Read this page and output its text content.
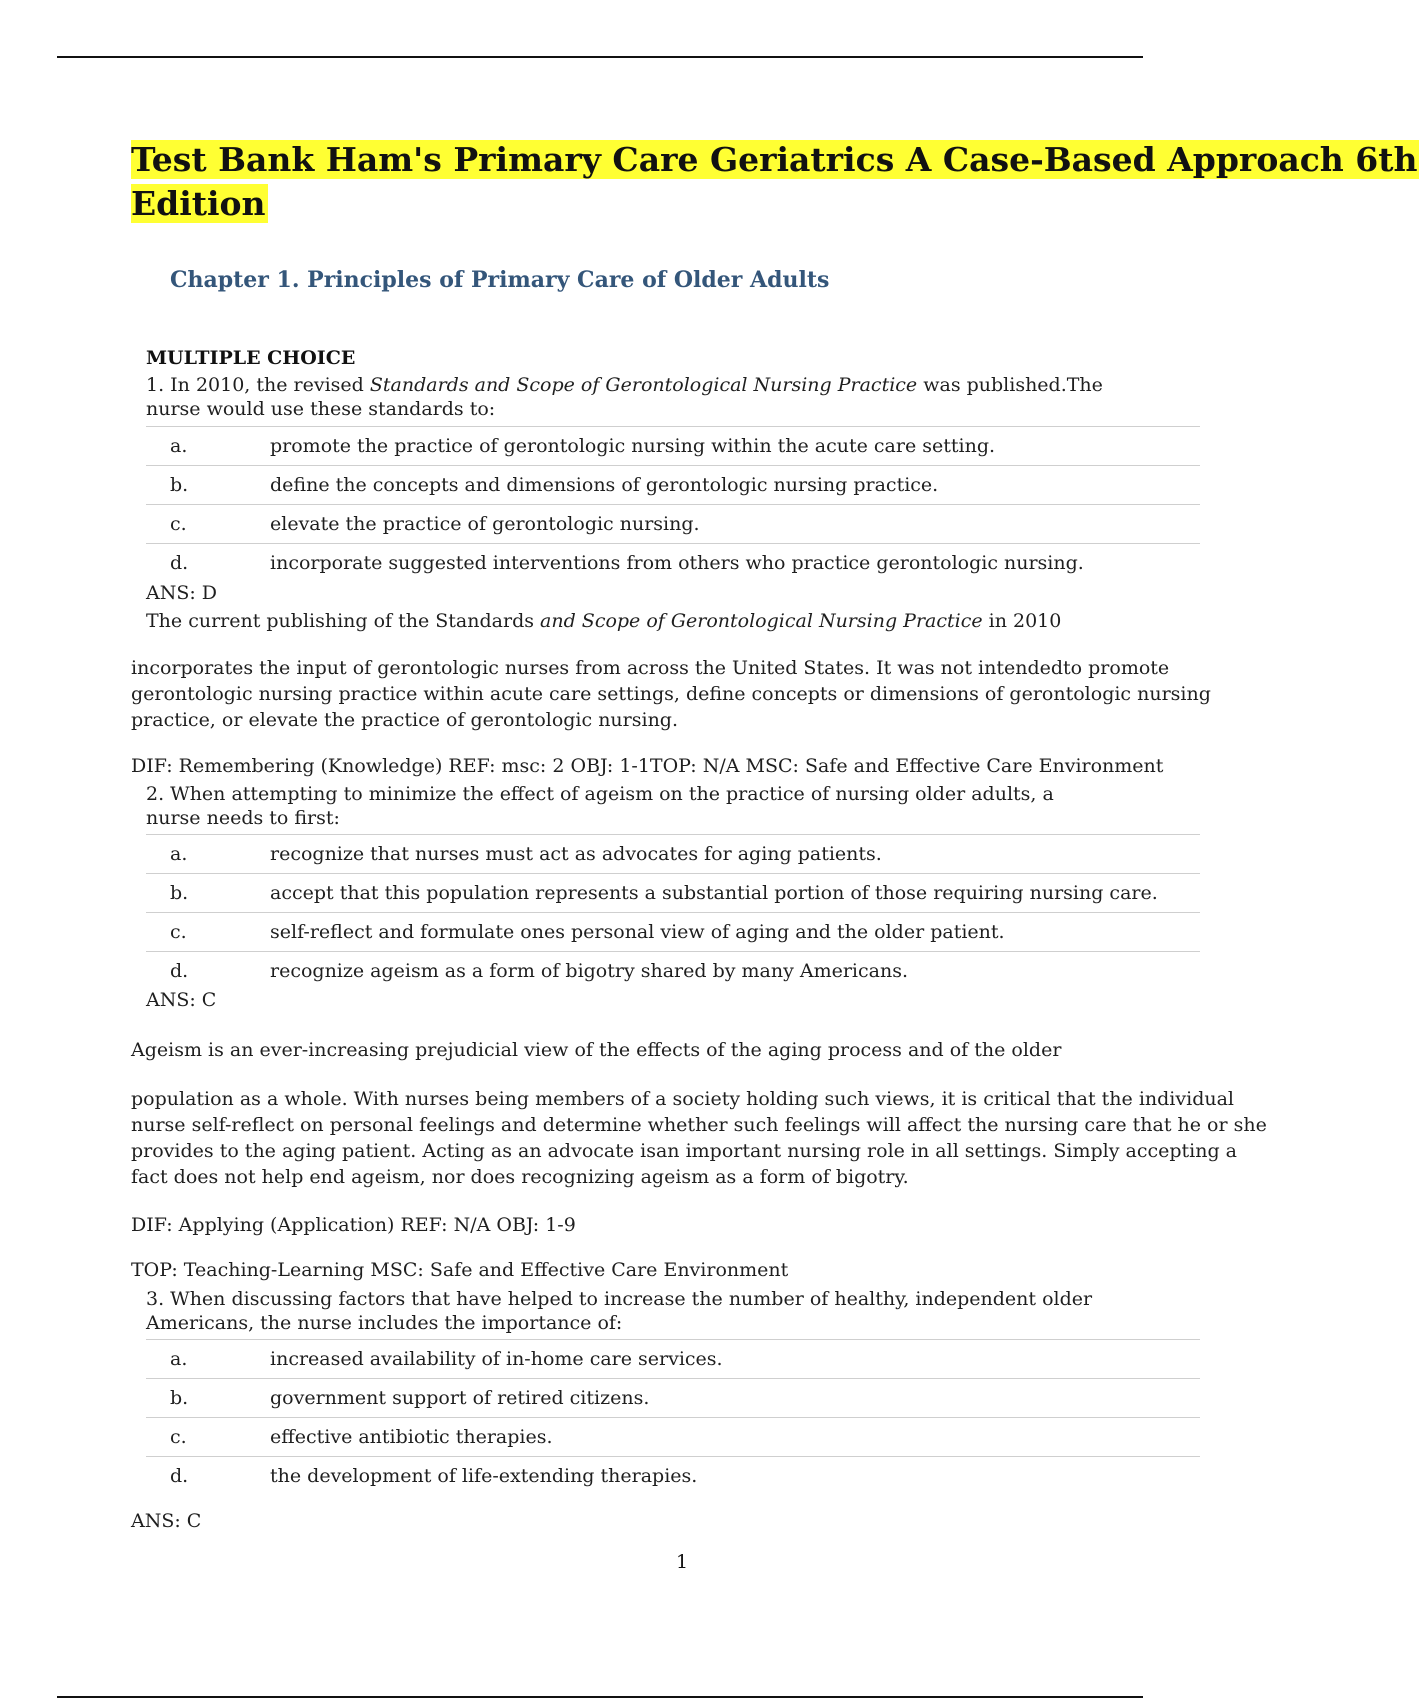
Test Bank Ham's Primary Care Geriatrics A Case-Based Approach 6th
Edition
Chapter 1. Principles of Primary Care of Older Adults
MULTIPLE CHOICE

1. In 2010, the revised Standards and Scope of Gerontological Nursing Practice was published.The
nurse would use these standards to:

a.	promote the practice of gerontologic nursing within the acute care setting.
b.	define the concepts and dimensions of gerontologic nursing practice.
c.	elevate the practice of gerontologic nursing.
d.	incorporate suggested interventions from others who practice gerontologic nursing.
ANS: D
The current publishing of the Standards and Scope of Gerontological Nursing Practice in 2010

incorporates the input of gerontologic nurses from across the United States. It was not intendedto promote
gerontologic nursing practice within acute care settings, define concepts or dimensions of gerontologic nursing
practice, or elevate the practice of gerontologic nursing.

DIF: Remembering (Knowledge) REF: msc: 2 OBJ: 1-1TOP: N/A MSC: Safe and Effective Care Environment

2. When attempting to minimize the effect of ageism on the practice of nursing older adults, a
nurse needs to first:

a.	recognize that nurses must act as advocates for aging patients.
b.	accept that this population represents a substantial portion of those requiring nursing care.
c.	self-reflect and formulate ones personal view of aging and the older patient.
d.	recognize ageism as a form of bigotry shared by many Americans.
ANS: C
Ageism is an ever-increasing prejudicial view of the effects of the aging process and of the older

population as a whole. With nurses being members of a society holding such views, it is critical that the individual
nurse self-reflect on personal feelings and determine whether such feelings will affect the nursing care that he or she
provides to the aging patient. Acting as an advocate isan important nursing role in all settings. Simply accepting a
fact does not help end ageism, nor does recognizing ageism as a form of bigotry.

DIF: Applying (Application) REF: N/A OBJ: 1-9
TOP: Teaching-Learning MSC: Safe and Effective Care Environment

3. When discussing factors that have helped to increase the number of healthy, independent older
Americans, the nurse includes the importance of:

a.	increased availability of in-home care services.
b.	government support of retired citizens.
c.	effective antibiotic therapies.
d.	the development of life-extending therapies.
ANS: C
1
